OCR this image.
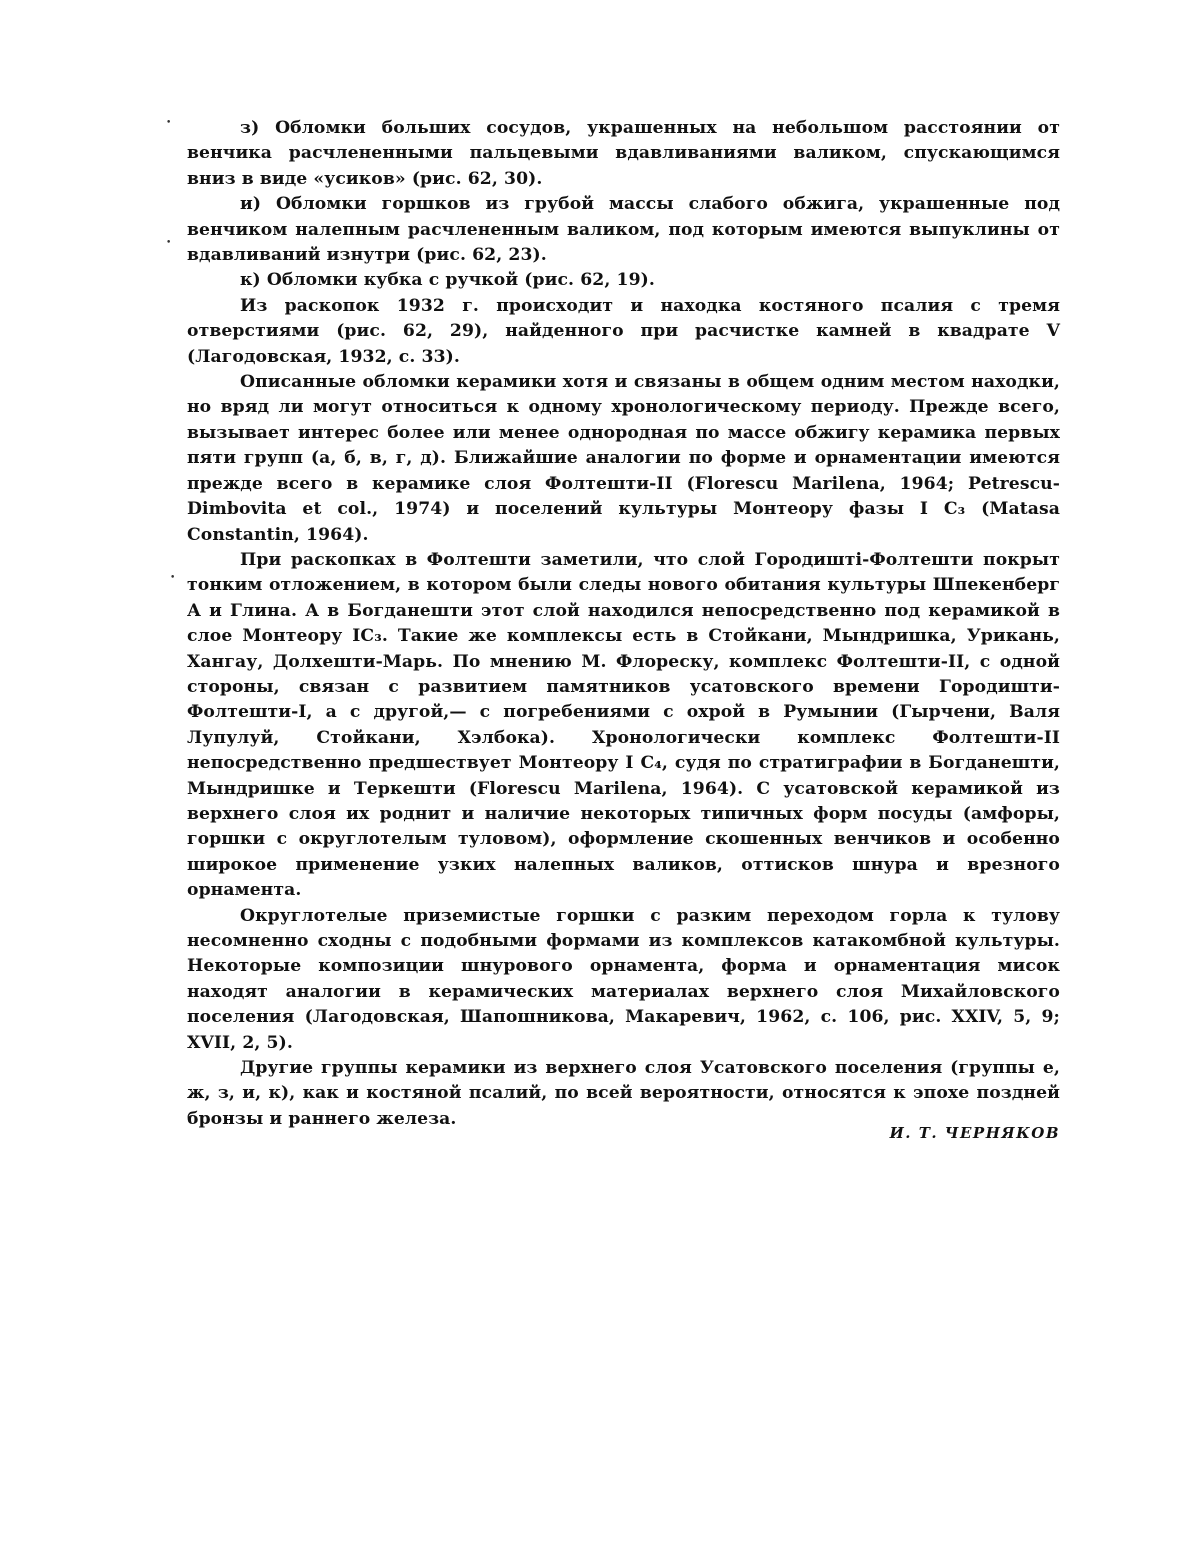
•
•
•

з) Обломки больших сосудов, украшенных на небольшом расстоянии от венчика расчлененными пальцевыми вдавливаниями валиком, спускающимся вниз в виде «усиков» (рис. 62, 30).

и) Обломки горшков из грубой массы слабого обжига, украшенные под венчиком налепным расчлененным валиком, под которым имеются выпуклины от вдавливаний изнутри (рис. 62, 23).

к) Обломки кубка с ручкой (рис. 62, 19).

Из раскопок 1932 г. происходит и находка костяного псалия с тремя отверстиями (рис. 62, 29), найденного при расчистке камней в квадрате V (Лагодовская, 1932, с. 33).

Описанные обломки керамики хотя и связаны в общем одним местом находки, но вряд ли могут относиться к одному хронологическому периоду. Прежде всего, вызывает интерес более или менее однородная по массе обжигу керамика первых пяти групп (а, б, в, г, д). Ближайшие аналогии по форме и орнаментации имеются прежде всего в керамике слоя Фолтешти-II (Florescu Marilena, 1964; Petrescu-Dimbovita et col., 1974) и поселений культуры Монтеору фазы I C₃ (Matasa Constantin, 1964).

При раскопках в Фолтешти заметили, что слой Городиштi-Фолтешти покрыт тонким отложением, в котором были следы нового обитания культуры Шпекенберг А и Глина. А в Богданешти этот слой находился непосредственно под керамикой в слое Монтеору IC₃. Такие же комплексы есть в Стойкани, Мындришка, Урикань, Хангау, Долхешти-Марь. По мнению М. Флореску, комплекс Фолтешти-II, с одной стороны, связан с развитием памятников усатовского времени Городишти-Фолтешти-I, а с другой,— с погребениями с охрой в Румынии (Гырчени, Валя Лупулуй, Стойкани, Хэлбока). Хронологически комплекс Фолтешти-II непосредственно предшествует Монтеору I C₄, судя по стратиграфии в Богданешти, Мындришке и Теркешти (Florescu Marilena, 1964). С усатовской керамикой из верхнего слоя их роднит и наличие некоторых типичных форм посуды (амфоры, горшки с округлотелым туловом), оформление скошенных венчиков и особенно широкое применение узких налепных валиков, оттисков шнура и врезного орнамента.

Округлотелые приземистые горшки с разким переходом горла к тулову несомненно сходны с подобными формами из комплексов катакомбной культуры. Некоторые композиции шнурового орнамента, форма и орнаментация мисок находят аналогии в керамических материалах верхнего слоя Михайловского поселения (Лагодовская, Шапошникова, Макаревич, 1962, с. 106, рис. XXIV, 5, 9; XVII, 2, 5).

Другие группы керамики из верхнего слоя Усатовского поселения (группы е, ж, з, и, к), как и костяной псалий, по всей вероятности, относятся к эпохе поздней бронзы и раннего железа.

И. Т. ЧЕРНЯКОВ
